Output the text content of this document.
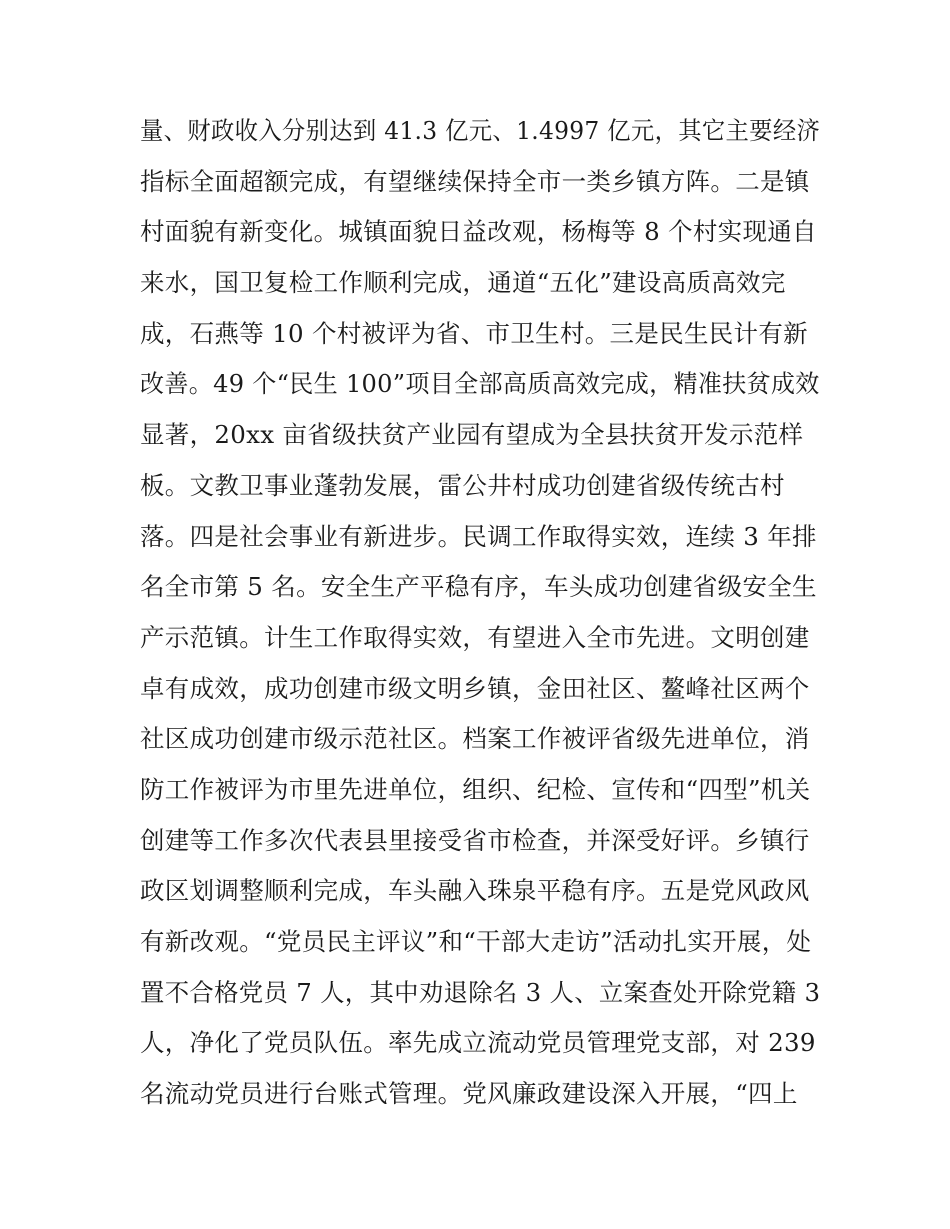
量、财政收入分别达到 41.3 亿元、1.4997 亿元，其它主要经济
指标全面超额完成，有望继续保持全市一类乡镇方阵。二是镇
村面貌有新变化。城镇面貌日益改观，杨梅等 8 个村实现通自
来水，国卫复检工作顺利完成，通道“五化”建设高质高效完
成，石燕等 10 个村被评为省、市卫生村。三是民生民计有新
改善。49 个“民生 100”项目全部高质高效完成，精准扶贫成效
显著，20xx 亩省级扶贫产业园有望成为全县扶贫开发示范样
板。文教卫事业蓬勃发展，雷公井村成功创建省级传统古村
落。四是社会事业有新进步。民调工作取得实效，连续 3 年排
名全市第 5 名。安全生产平稳有序，车头成功创建省级安全生
产示范镇。计生工作取得实效，有望进入全市先进。文明创建
卓有成效，成功创建市级文明乡镇，金田社区、鳌峰社区两个
社区成功创建市级示范社区。档案工作被评省级先进单位，消
防工作被评为市里先进单位，组织、纪检、宣传和“四型”机关
创建等工作多次代表县里接受省市检查，并深受好评。乡镇行
政区划调整顺利完成，车头融入珠泉平稳有序。五是党风政风
有新改观。“党员民主评议”和“干部大走访”活动扎实开展，处
置不合格党员 7 人，其中劝退除名 3 人、立案查处开除党籍 3
人，净化了党员队伍。率先成立流动党员管理党支部，对 239
名流动党员进行台账式管理。党风廉政建设深入开展，“四上
